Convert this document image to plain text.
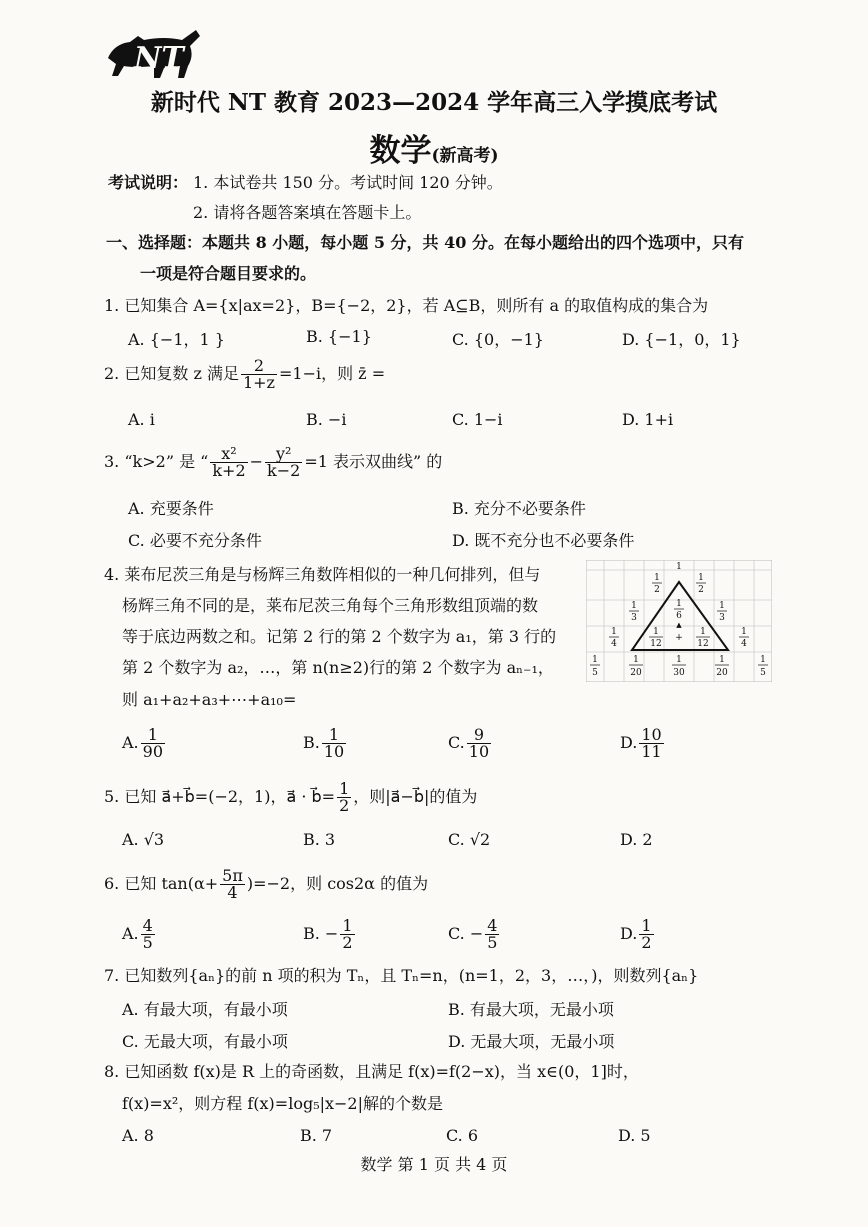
NT
新时代 NT 教育 2023—2024 学年高三入学摸底考试
数学(新高考)
考试说明： 1. 本试卷共 150 分。考试时间 120 分钟。
2. 请将各题答案填在答题卡上。
一、选择题：本题共 8 小题，每小题 5 分，共 40 分。在每小题给出的四个选项中，只有
一项是符合题目要求的。
1. 已知集合 A={x|ax=2}，B={−2，2}，若 A⊆B，则所有 a 的取值构成的集合为
A. {−1，1 }	B. {−1}	C. {0，−1}	D. {−1，0，1}
2. 已知复数 z 满足 $\frac{2}{1+z} =1-i$，则 z̄ =
A. i	B. −i	C. 1−i	D. 1+i
3. “k>2” 是 “ $\frac{\text{x²}}{k+2} - \frac{\text{y²}}{k-2} =1$ 表示双曲线” 的
A. 充要条件	B. 充分不必要条件
C. 必要不充分条件	D. 既不充分也不必要条件
4. 莱布尼茨三角是与杨辉三角数阵相似的一种几何排列，但与
杨辉三角不同的是，莱布尼茨三角每个三角形数组顶端的数
等于底边两数之和。记第 2 行的第 2 个数字为 a₁，第 3 行的
第 2 个数字为 a₂，…，第 n(n≥2)行的第 2 个数字为 aₙ₋₁，
则 a₁+a₂+a₃+⋯+a₁₀=
1
1
2
1
2
1
3
1
6
1
3
▲
+
1
4
1
12
1
12
1
4
1
5
1
20
1
30
1
20
1
5
A. $\frac{1}{90}$	B. $\frac{1}{10}$	C. $\frac{9}{10}$	D. $\frac{10}{11}$
5. 已知 a⃗+b⃗=(−2，1)，a⃗ · b⃗= $\frac{1}{2}$ ，则|a⃗−b⃗|的值为
A. √3	B. 3	C. √2	D. 2
6. 已知 $\tan(\alpha+ \frac{5\pi}{4} )=-2$，则 cos2α 的值为
A. $\frac{4}{5}$	B. − $\frac{1}{2}$	C. − $\frac{4}{5}$	D. $\frac{1}{2}$
7. 已知数列{aₙ}的前 n 项的积为 Tₙ，且 Tₙ=n，(n=1，2，3，…，)，则数列{aₙ}
A. 有最大项，有最小项	B. 有最大项，无最小项
C. 无最大项，有最小项	D. 无最大项，无最小项
8. 已知函数 f(x)是 R 上的奇函数，且满足 f(x)=f(2−x)，当 x∈(0，1]时，
f(x)=x²，则方程 f(x)=log₅|x−2|解的个数是
A. 8	B. 7	C. 6	D. 5
数学 第 1 页 共 4 页
